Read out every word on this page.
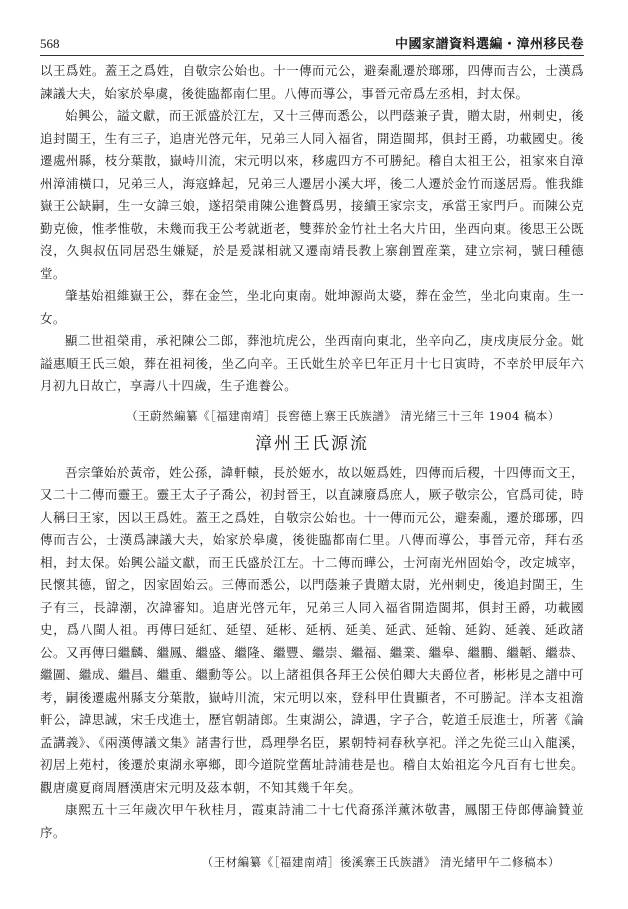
568	中國家譜資料選編・漳州移民卷

以王爲姓。蓋王之爲姓，自敬宗公始也。十一傳而元公，避秦亂遷於瑯琊，四傳而吉公，士漢爲諫議大夫，始家於皋虞，後徙臨都南仁里。八傳而導公，事晉元帝爲左丞相，封太保。

始興公，謚文獻，而王派盛於江左，又十三傳而悉公，以門蔭兼子貴，贈太尉，州刺史，後追封閩王，生有三子，追唐光啓元年，兄弟三人同入福省，開造閩邦，俱封王爵，功載國史。後遷處州縣，枝分葉散，嶽峙川流，宋元明以來，移處四方不可勝紀。稽自太祖王公，祖家來自漳州漳浦橫口，兄弟三人，海寇蜂起，兄弟三人遷居小溪大坪，後二人遷於金竹而遂居焉。惟我維嶽王公缺嗣，生一女諱三娘，遂招榮甫陳公進贅爲男，接續王家宗支，承當王家門戶。而陳公克勤克儉，惟孝惟敬，未幾而我王公考就逝老，雙葬於金竹社土名大片田，坐西向東。後思王公既沒，久與叔伍同居恐生嫌疑，於是爰謀相就又遷南靖長教上寨創置産業，建立宗祠，號曰種德堂。

肇基始祖維嶽王公，葬在金竺，坐北向東南。妣坤源尚太婆，葬在金竺，坐北向東南。生一女。

顯二世祖榮甫，承祀陳公二郎，葬池坑虎公，坐西南向東北，坐辛向乙，庚戌庚辰分金。妣謚惠順王氏三娘，葬在祖祠後，坐乙向辛。王氏妣生於辛巳年正月十七日寅時，不幸於甲辰年六月初九日故亡，享壽八十四歲，生子進養公。

（王蔚然編纂《［福建南靖］長窖德上寨王氏族譜》 清光緒三十三年 1904 稿本）
漳州王氏源流

吾宗肇始於黃帝，姓公孫，諱軒轅，長於姬水，故以姬爲姓，四傳而后稷，十四傳而文王，又二十二傳而靈王。靈王太子子喬公，初封晉王，以直諫廢爲庶人，厥子敬宗公，官爲司徒，時人稱曰王家，因以王爲姓。蓋王之爲姓，自敬宗公始也。十一傳而元公，避秦亂，遷於瑯琊，四傳而吉公，士漢爲諫議大夫，始家於皋虞，後徙臨都南仁里。八傳而導公，事晉元帝，拜右丞相，封太保。始興公謚文獻，而王氏盛於江左。十二傳而曄公，士河南光州固始令，改定城宰，民懷其德，留之，因家固始云。三傳而悉公，以門蔭兼子貴贈太尉，光州刺史，後追封閩王，生子有三，長諱潮，次諱審知。追唐光啓元年，兄弟三人同入福省開造閩邦，俱封王爵，功載國史，爲八閩人祖。再傳曰延紅、延望、延彬、延柄、延美、延武、延翰、延鈞、延義、延政諸公。又再傳曰繼麟、繼鳳、繼盛、繼隆、繼豐、繼崇、繼福、繼業、繼皋、繼鵬、繼韜、繼恭、繼圖、繼成、繼昌、繼重、繼勳等公。以上諸祖俱各拜王公侯伯卿大夫爵位者，彬彬見之譜中可考，嗣後遷處州縣支分葉散，嶽峙川流，宋元明以來，登科甲仕貴顯者，不可勝記。洋本支祖澹軒公，諱思誠，宋壬戌進士，歷官朝請郎。生東湖公，諱遇，字子合，乾道壬辰進士，所著《論孟講義》、《兩漢傳議文集》諸書行世，爲理學名臣，累朝特祠春秋享祀。洋之先從三山入龍溪，初居上苑村，後遷於東湖永寧鄉，即今道院堂舊址詩浦巷是也。稽自太始祖迄今凡百有七世矣。觀唐虞夏商周曆漢唐宋元明及茲本朝，不知其幾千年矣。

康熙五十三年歲次甲午秋桂月，霞東詩浦二十七代裔孫洋薰沐敬書，鳳閣王侍郎傳論贊並序。

（王材編纂《［福建南靖］後溪寨王氏族譜》 清光緒甲午二修稿本）
